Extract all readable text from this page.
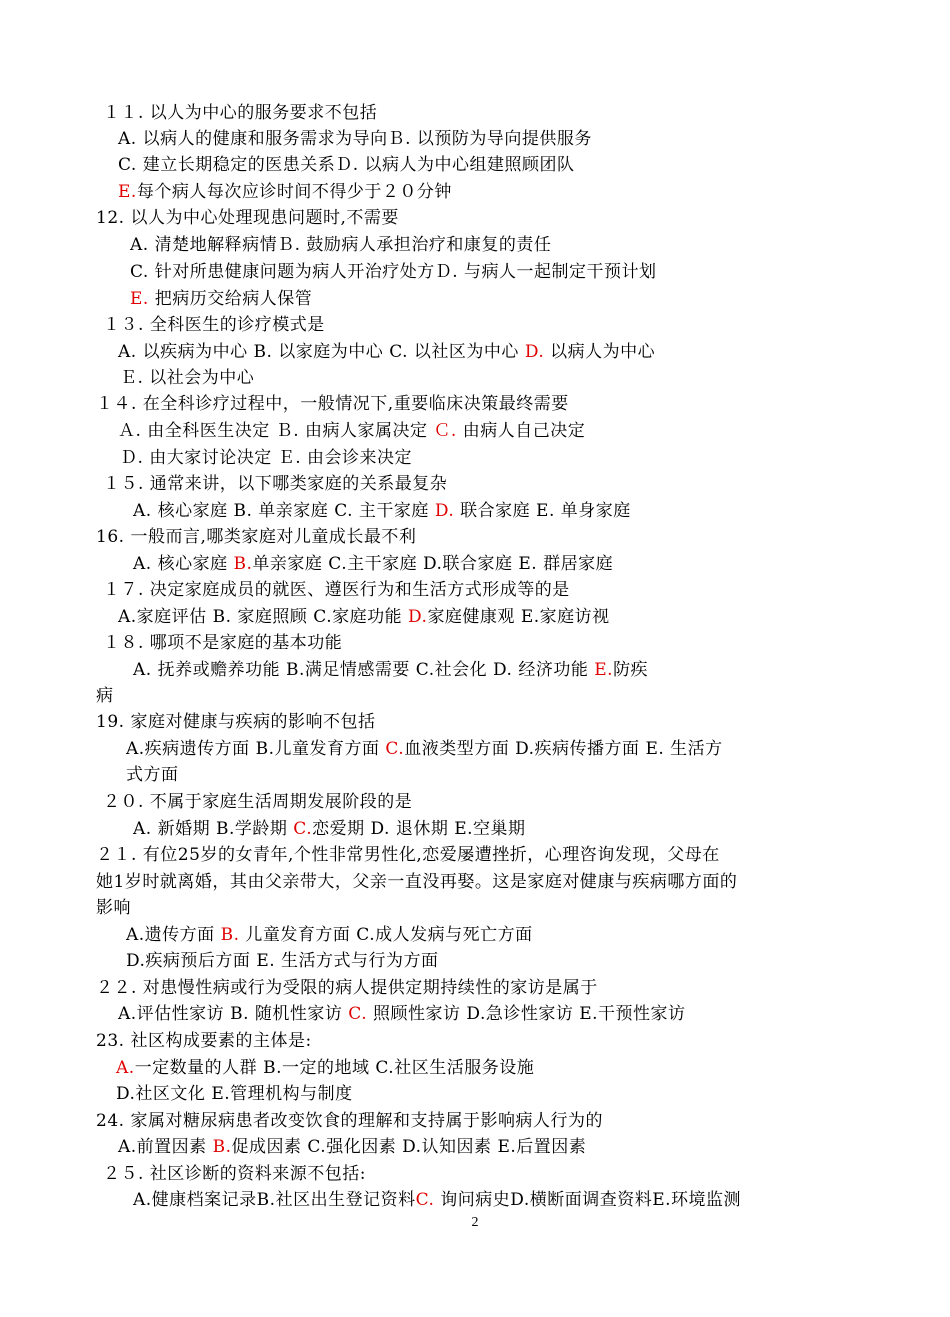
１１. 以人为中心的服务要求不包括
A. 以病人的健康和服务需求为导向Ｂ. 以预防为导向提供服务
C. 建立长期稳定的医患关系Ｄ. 以病人为中心组建照顾团队
E.每个病人每次应诊时间不得少于２０分钟
12. 以人为中心处理现患问题时,不需要
A. 清楚地解释病情Ｂ. 鼓励病人承担治疗和康复的责任
C. 针对所患健康问题为病人开治疗处方Ｄ. 与病人一起制定干预计划
E. 把病历交给病人保管
１３. 全科医生的诊疗模式是
A. 以疾病为中心 B. 以家庭为中心 C. 以社区为中心 D. 以病人为中心
Ｅ. 以社会为中心
１４. 在全科诊疗过程中，一般情况下,重要临床决策最终需要
Ａ. 由全科医生决定 Ｂ. 由病人家属决定 Ｃ. 由病人自己决定
Ｄ. 由大家讨论决定 Ｅ. 由会诊来决定
１５. 通常来讲，以下哪类家庭的关系最复杂
A. 核心家庭 B. 单亲家庭 C. 主干家庭 D. 联合家庭 E. 单身家庭
16. 一般而言,哪类家庭对儿童成长最不利
A. 核心家庭 B.单亲家庭 C.主干家庭 D.联合家庭 E. 群居家庭
１７. 决定家庭成员的就医、遵医行为和生活方式形成等的是
A.家庭评估 B. 家庭照顾 C.家庭功能 D.家庭健康观 E.家庭访视
１８. 哪项不是家庭的基本功能
A. 抚养或赡养功能 B.满足情感需要 C.社会化 D. 经济功能 E.防疾
病
19. 家庭对健康与疾病的影响不包括
A.疾病遗传方面 B.儿童发育方面 C.血液类型方面 D.疾病传播方面 E. 生活方
式方面
２０. 不属于家庭生活周期发展阶段的是
A. 新婚期 B.学龄期 C.恋爱期 D. 退休期 E.空巢期
２１. 有位25岁的女青年,个性非常男性化,恋爱屡遭挫折，心理咨询发现，父母在
她1岁时就离婚，其由父亲带大，父亲一直没再娶。这是家庭对健康与疾病哪方面的
影响
A.遗传方面 B. 儿童发育方面 C.成人发病与死亡方面
D.疾病预后方面 E. 生活方式与行为方面
２２. 对患慢性病或行为受限的病人提供定期持续性的家访是属于
A.评估性家访 B. 随机性家访 C. 照顾性家访 D.急诊性家访 E.干预性家访
23. 社区构成要素的主体是:
A.一定数量的人群 B.一定的地域 C.社区生活服务设施
D.社区文化 E.管理机构与制度
24. 家属对糖尿病患者改变饮食的理解和支持属于影响病人行为的
A.前置因素 B.促成因素 C.强化因素 D.认知因素 E.后置因素
２５. 社区诊断的资料来源不包括:
A.健康档案记录B.社区出生登记资料C. 询问病史D.横断面调查资料E.环境监测
2
